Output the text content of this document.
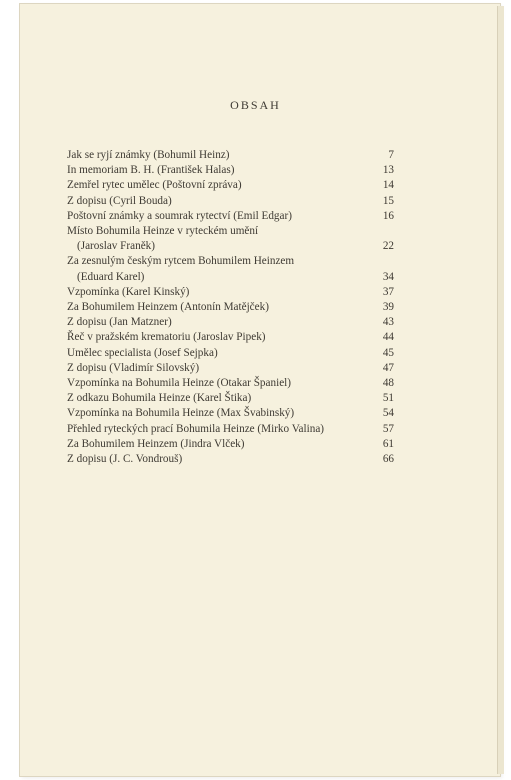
OBSAH
Jak se ryjí známky (Bohumil Heinz)	7
In memoriam B. H. (František Halas)	13
Zemřel rytec umělec (Poštovní zpráva)	14
Z dopisu (Cyril Bouda)	15
Poštovní známky a soumrak rytectví (Emil Edgar)	16
Místo Bohumila Heinze v ryteckém umění
(Jaroslav Franěk)	22
Za zesnulým českým rytcem Bohumilem Heinzem
(Eduard Karel)	34
Vzpomínka (Karel Kinský)	37
Za Bohumilem Heinzem (Antonín Matějček)	39
Z dopisu (Jan Matzner)	43
Řeč v pražském krematoriu (Jaroslav Pipek)	44
Umělec specialista (Josef Sejpka)	45
Z dopisu (Vladimír Silovský)	47
Vzpomínka na Bohumila Heinze (Otakar Španiel)	48
Z odkazu Bohumila Heinze (Karel Štika)	51
Vzpomínka na Bohumila Heinze (Max Švabinský)	54
Přehled ryteckých prací Bohumila Heinze (Mirko Valina)	57
Za Bohumilem Heinzem (Jindra Vlček)	61
Z dopisu (J. C. Vondrouš)	66
